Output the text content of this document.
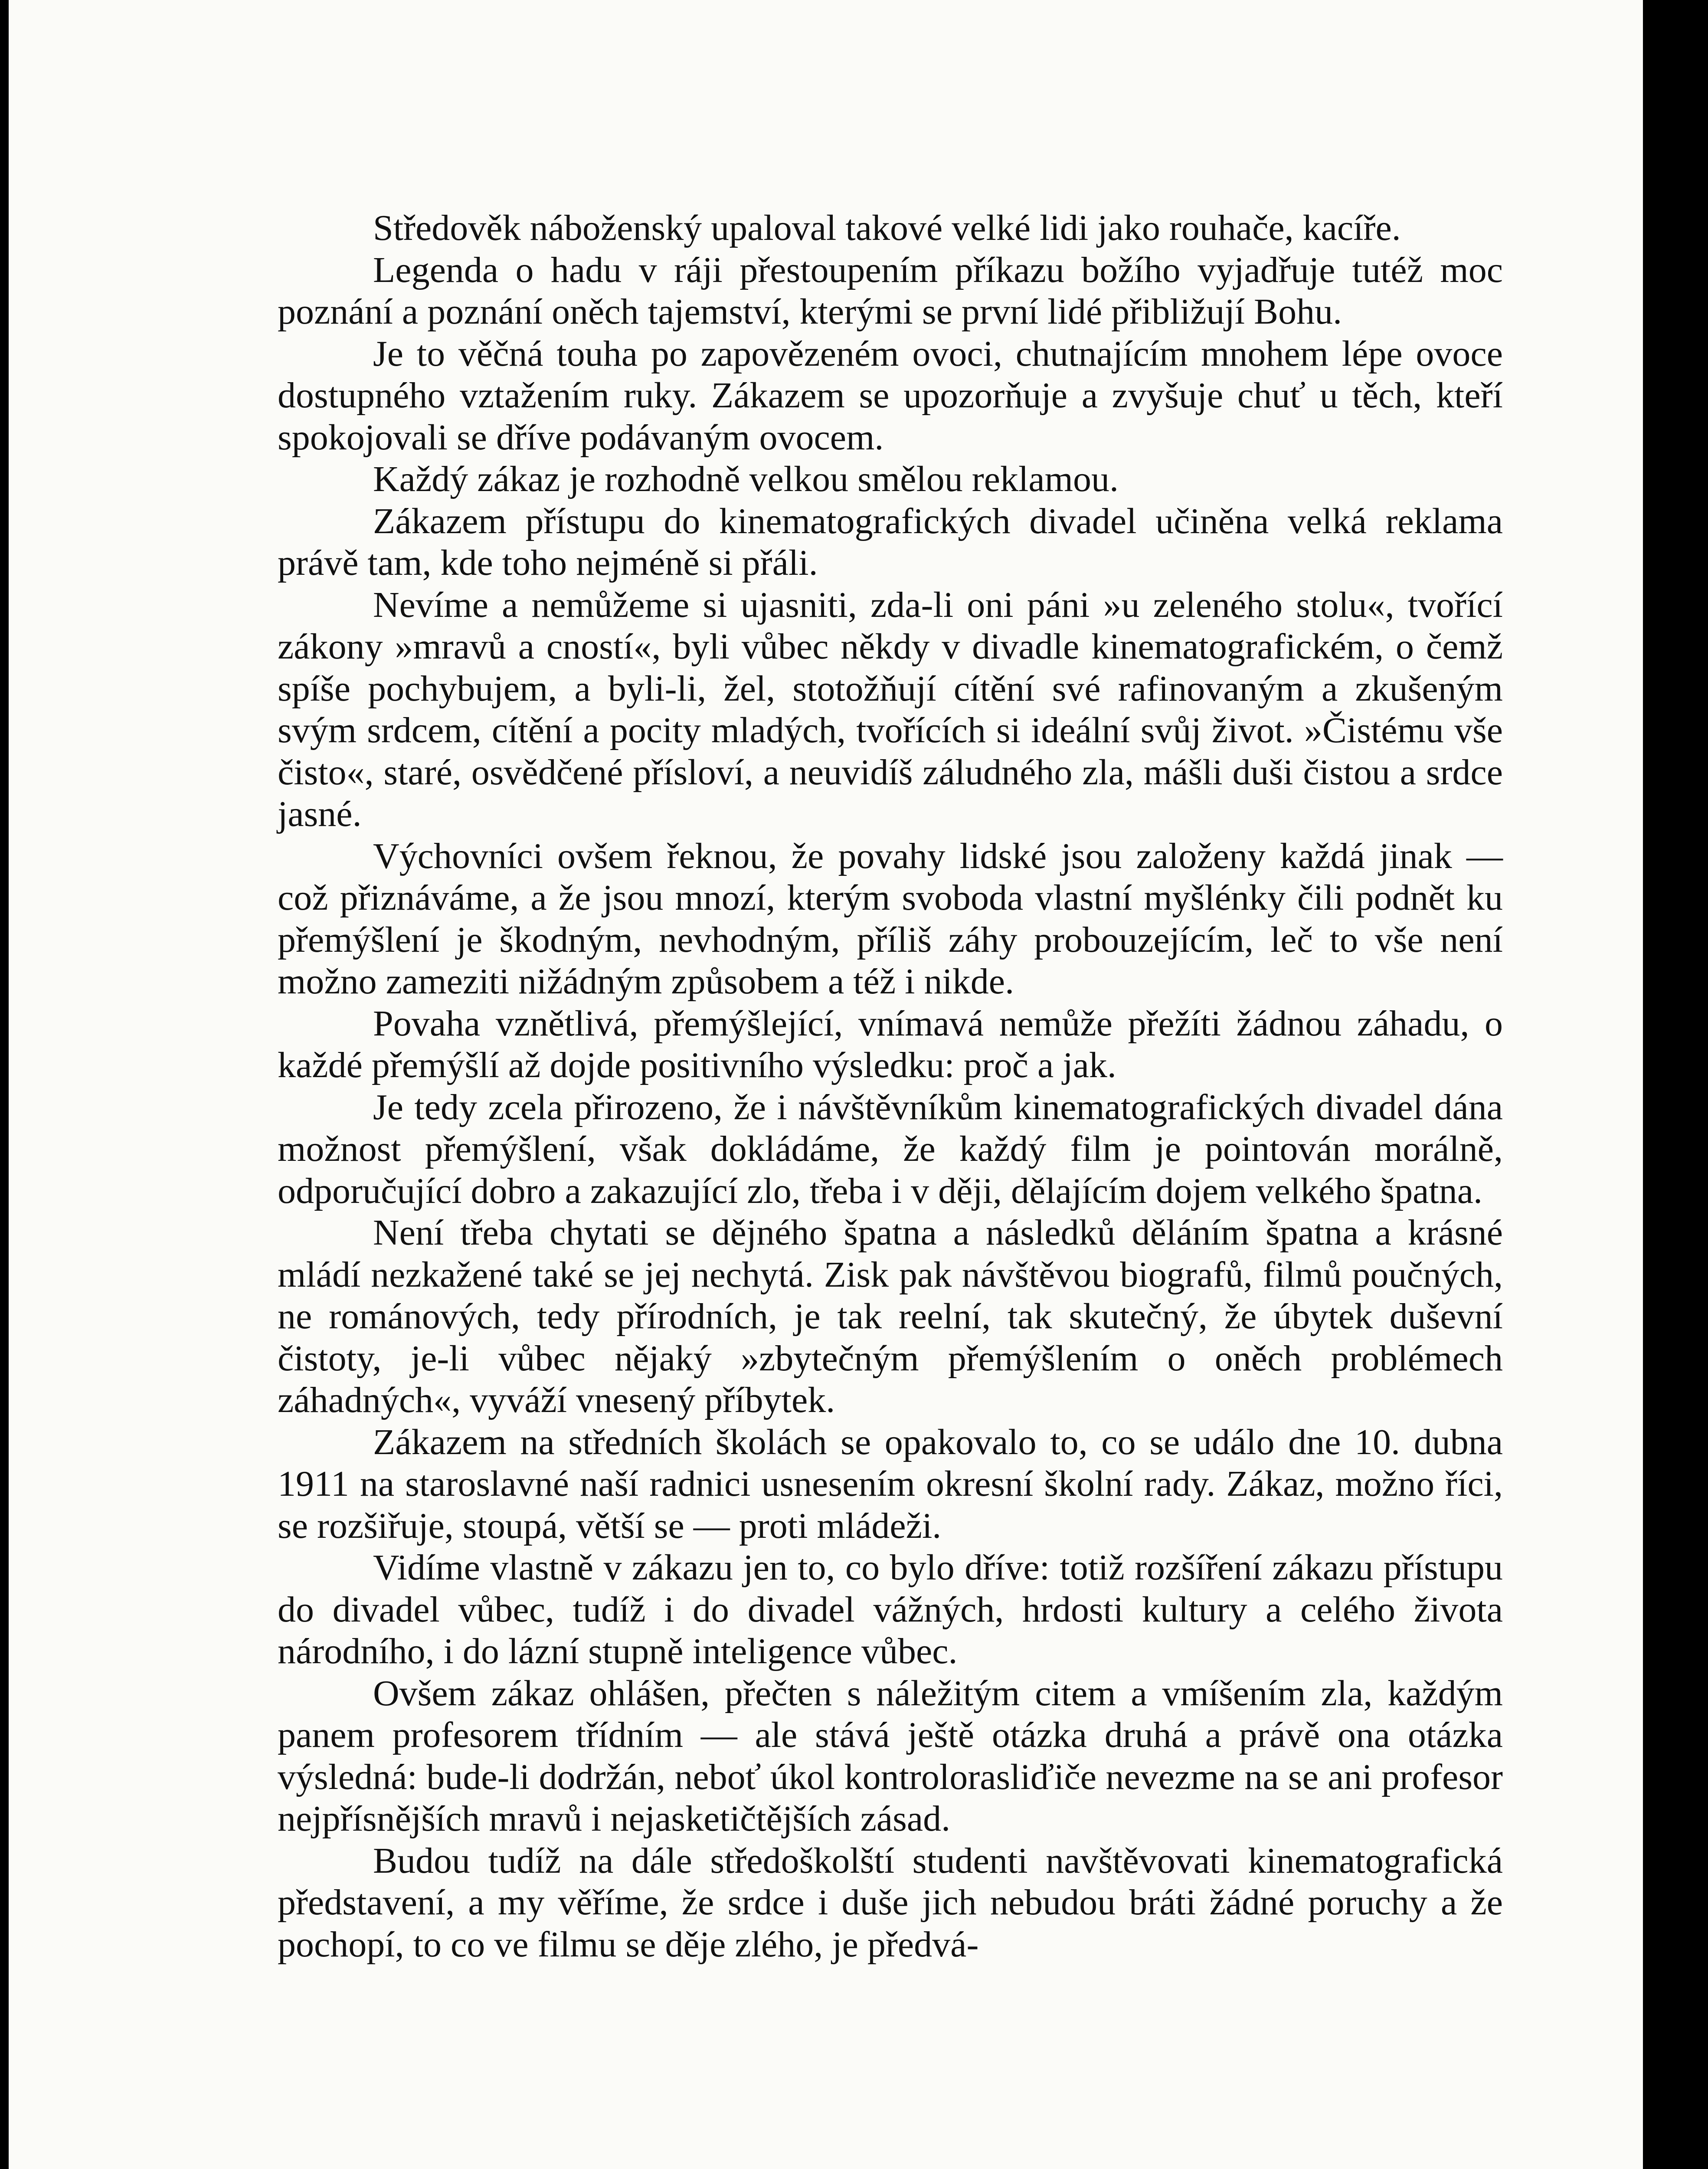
Středověk náboženský upaloval takové velké lidi jako rouhače, kacíře.

Legenda o hadu v ráji přestoupením příkazu božího vyjadřuje tutéž moc poznání a poznání oněch tajemství, kterými se první lidé přibližují Bohu.

Je to věčná touha po zapovězeném ovoci, chutnajícím mnohem lépe ovoce dostupného vztažením ruky. Zákazem se upozorňuje a zvyšuje chuť u těch, kteří spokojovali se dříve podávaným ovocem.

Každý zákaz je rozhodně velkou smělou reklamou.

Zákazem přístupu do kinematografických divadel učiněna velká reklama právě tam, kde toho nejméně si přáli.

Nevíme a nemůžeme si ujasniti, zda-li oni páni »u zeleného stolu«, tvořící zákony »mravů a cností«, byli vůbec někdy v divadle kinematografickém, o čemž spíše pochybujem, a byli-li, žel, stotožňují cítění své rafinovaným a zkušeným svým srdcem, cítění a pocity mladých, tvořících si ideální svůj život. »Čistému vše čisto«, staré, osvědčené přísloví, a neuvidíš záludného zla, mášli duši čistou a srdce jasné.

Výchovníci ovšem řeknou, že povahy lidské jsou založeny každá jinak — což přiznáváme, a že jsou mnozí, kterým svoboda vlastní myšlénky čili podnět ku přemýšlení je škodným, nevhodným, příliš záhy probouzejícím, leč to vše není možno zameziti nižádným způsobem a též i nikde.

Povaha vznětlivá, přemýšlející, vnímavá nemůže přežíti žádnou záhadu, o každé přemýšlí až dojde positivního výsledku: proč a jak.

Je tedy zcela přirozeno, že i návštěvníkům kinematografických divadel dána možnost přemýšlení, však dokládáme, že každý film je pointován morálně, odporučující dobro a zakazující zlo, třeba i v ději, dělajícím dojem velkého špatna.

Není třeba chytati se dějného špatna a následků děláním špatna a krásné mládí nezkažené také se jej nechytá. Zisk pak návštěvou biografů, filmů poučných, ne románových, tedy přírodních, je tak reelní, tak skutečný, že úbytek duševní čistoty, je-li vůbec nějaký »zbytečným přemýšlením o oněch problémech záhadných«, vyváží vnesený příbytek.

Zákazem na středních školách se opakovalo to, co se událo dne 10. dubna 1911 na staroslavné naší radnici usnesením okresní školní rady. Zákaz, možno říci, se rozšiřuje, stoupá, větší se — proti mládeži.

Vidíme vlastně v zákazu jen to, co bylo dříve: totiž rozšíření zákazu přístupu do divadel vůbec, tudíž i do divadel vážných, hrdosti kultury a celého života národního, i do lázní stupně inteligence vůbec.

Ovšem zákaz ohlášen, přečten s náležitým citem a vmíšením zla, každým panem profesorem třídním — ale stává ještě otázka druhá a právě ona otázka výsledná: bude-li dodržán, neboť úkol kontrolorasliďiče nevezme na se ani profesor nejpřísnějších mravů i nejasketičtějších zásad.

Budou tudíž na dále středoškolští studenti navštěvovati kinematografická představení, a my věříme, že srdce i duše jich nebudou bráti žádné poruchy a že pochopí, to co ve filmu se děje zlého, je předvá-
